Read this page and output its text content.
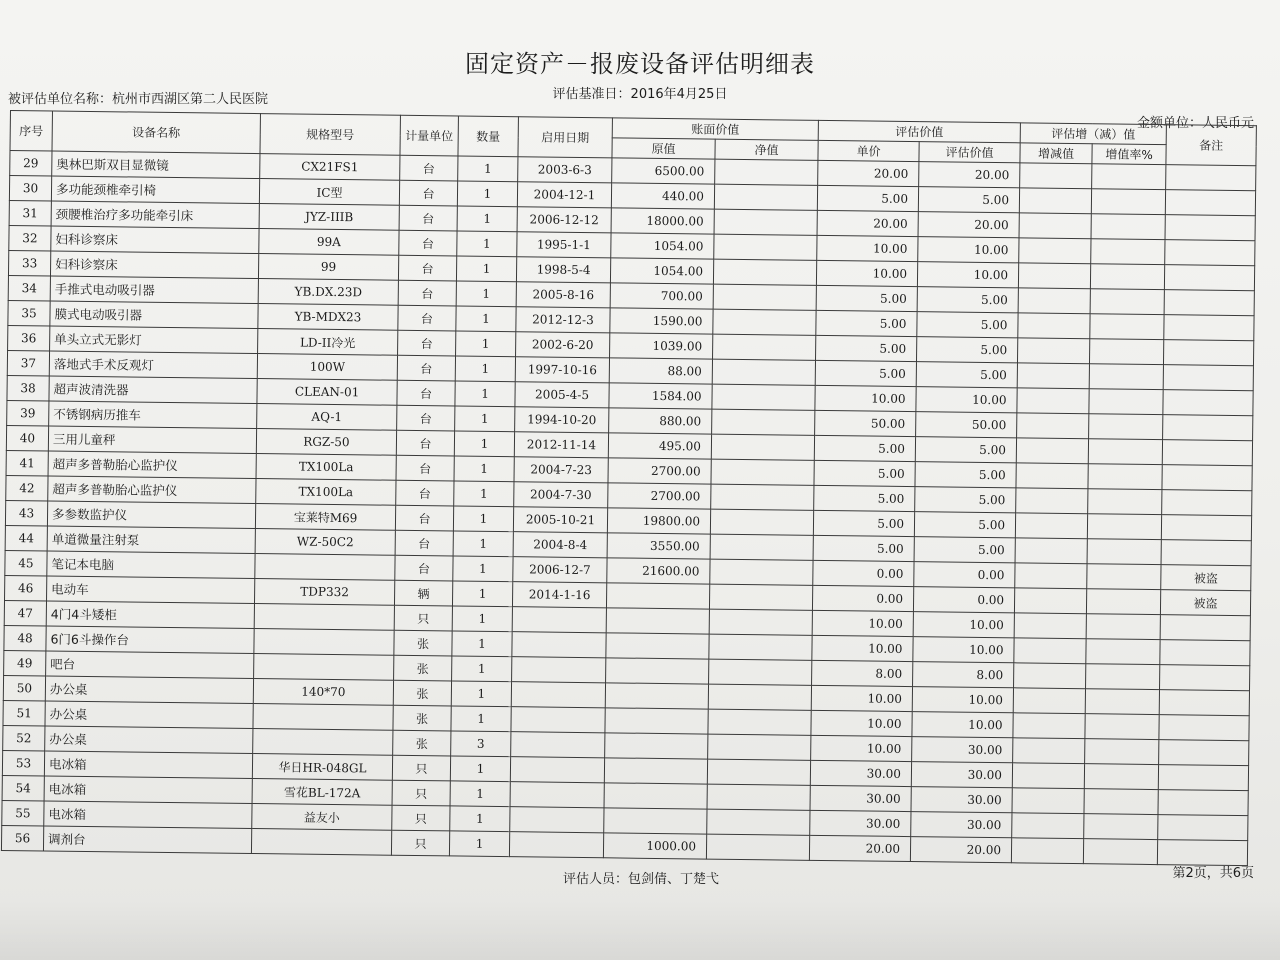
固定资产－报废设备评估明细表
评估基准日：2016年4月25日
被评估单位名称：杭州市西湖区第二人民医院
金额单位：人民币元
序号	设备名称	规格型号	计量单位	数量	启用日期	账面价值		评估价值		评估增（减）值		备注
						原值	净值	单价	评估价值	增减值	增值率%	
29	奥林巴斯双目显微镜	CX21FS1	台	1	2003-6-3	6500.00		20.00	20.00			
30	多功能颈椎牵引椅	IC型	台	1	2004-12-1	440.00		5.00	5.00			
31	颈腰椎治疗多功能牵引床	JYZ-IIIB	台	1	2006-12-12	18000.00		20.00	20.00			
32	妇科诊察床	99A	台	1	1995-1-1	1054.00		10.00	10.00			
33	妇科诊察床	99	台	1	1998-5-4	1054.00		10.00	10.00			
34	手推式电动吸引器	YB.DX.23D	台	1	2005-8-16	700.00		5.00	5.00			
35	膜式电动吸引器	YB-MDX23	台	1	2012-12-3	1590.00		5.00	5.00			
36	单头立式无影灯	LD-II冷光	台	1	2002-6-20	1039.00		5.00	5.00			
37	落地式手术反观灯	100W	台	1	1997-10-16	88.00		5.00	5.00			
38	超声波清洗器	CLEAN-01	台	1	2005-4-5	1584.00		10.00	10.00			
39	不锈钢病历推车	AQ-1	台	1	1994-10-20	880.00		50.00	50.00			
40	三用儿童秤	RGZ-50	台	1	2012-11-14	495.00		5.00	5.00			
41	超声多普勒胎心监护仪	TX100La	台	1	2004-7-23	2700.00		5.00	5.00			
42	超声多普勒胎心监护仪	TX100La	台	1	2004-7-30	2700.00		5.00	5.00			
43	多参数监护仪	宝莱特M69	台	1	2005-10-21	19800.00		5.00	5.00			
44	单道微量注射泵	WZ-50C2	台	1	2004-8-4	3550.00		5.00	5.00			
45	笔记本电脑		台	1	2006-12-7	21600.00		0.00	0.00			被盗
46	电动车	TDP332	辆	1	2014-1-16			0.00	0.00			被盗
47	4门4斗矮柜		只	1				10.00	10.00			
48	6门6斗操作台		张	1				10.00	10.00			
49	吧台		张	1				8.00	8.00			
50	办公桌	140*70	张	1				10.00	10.00			
51	办公桌		张	1				10.00	10.00			
52	办公桌		张	3				10.00	30.00			
53	电冰箱	华日HR-048GL	只	1				30.00	30.00			
54	电冰箱	雪花BL-172A	只	1				30.00	30.00			
55	电冰箱	益友小	只	1				30.00	30.00			
56	调剂台		只	1		1000.00		20.00	20.00			
评估人员：包剑倩、丁楚弋	第2页，共6页
